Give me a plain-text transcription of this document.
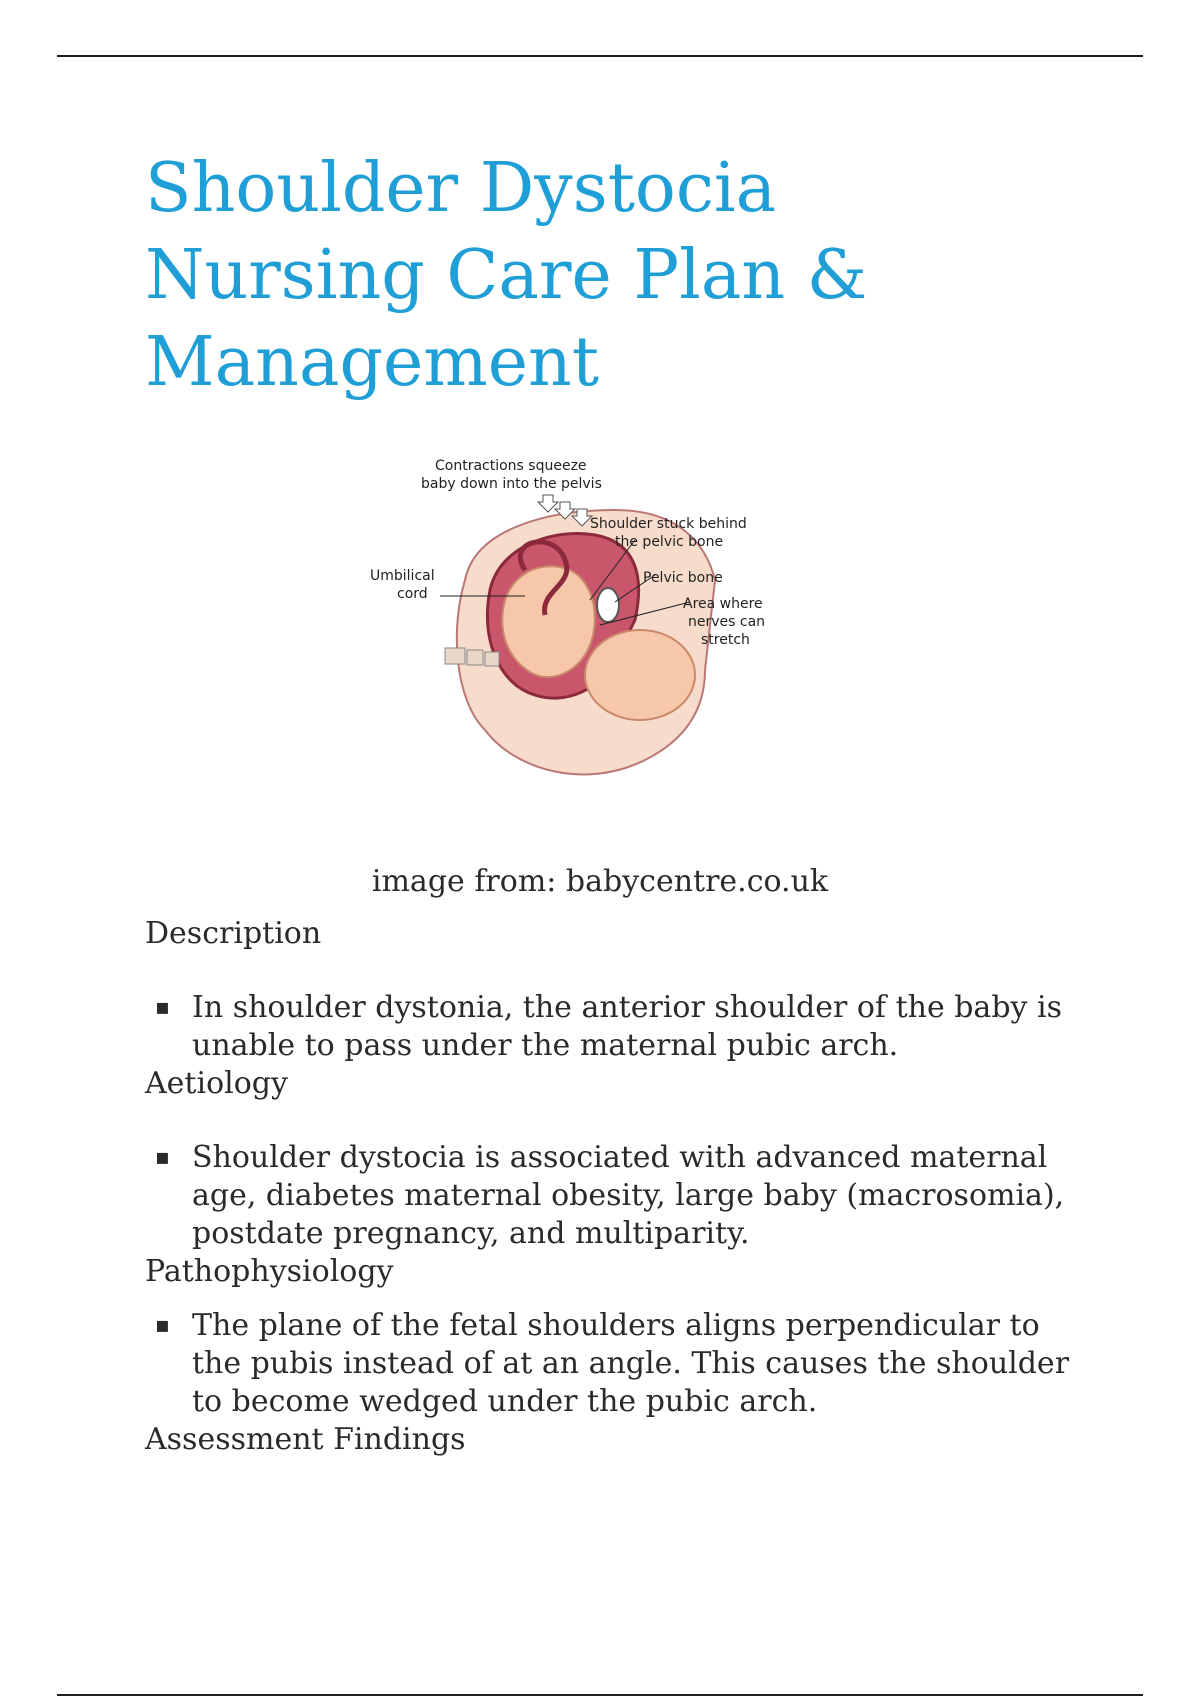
Shoulder Dystocia
Nursing Care Plan &
Management
Contractions squeeze
baby down into the pelvis
Shoulder stuck behind
the pelvic bone
Umbilical
cord
Pelvic bone
Area where
nerves can
stretch
image from: babycentre.co.uk
Description
▪ In shoulder dystonia, the anterior shoulder of the baby is unable to pass under the maternal pubic arch.
Aetiology
▪ Shoulder dystocia is associated with advanced maternal age, diabetes maternal obesity, large baby (macrosomia), postdate pregnancy, and multiparity.
Pathophysiology
▪ The plane of the fetal shoulders aligns perpendicular to the pubis instead of at an angle. This causes the shoulder to become wedged under the pubic arch.
Assessment Findings
